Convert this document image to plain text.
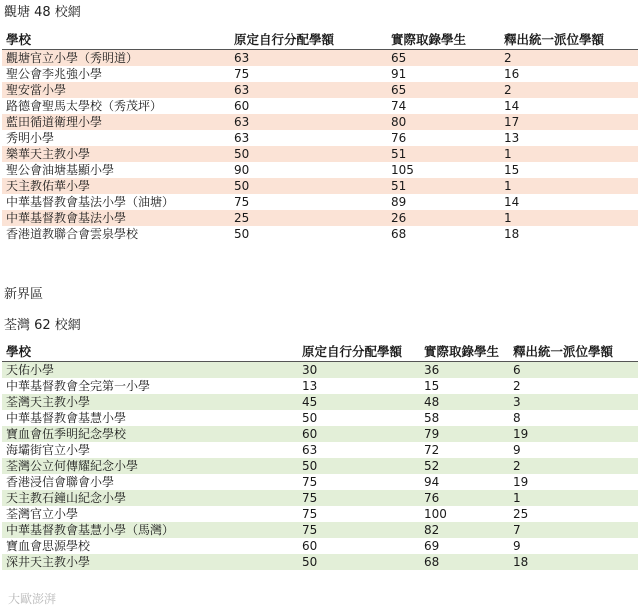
觀塘 48 校網
學校	原定自行分配學額	實際取錄學生	釋出統一派位學額
觀塘官立小學（秀明道）	63	65	2
聖公會李兆強小學	75	91	16
聖安當小學	63	65	2
路德會聖馬太學校（秀茂坪）	60	74	14
藍田循道衛理小學	63	80	17
秀明小學	63	76	13
樂華天主教小學	50	51	1
聖公會油塘基顯小學	90	105	15
天主教佑華小學	50	51	1
中華基督教會基法小學（油塘）	75	89	14
中華基督教會基法小學	25	26	1
香港道教聯合會雲泉學校	50	68	18
新界區
荃灣 62 校網
學校	原定自行分配學額	實際取錄學生	釋出統一派位學額
天佑小學	30	36	6
中華基督教會全完第一小學	13	15	2
荃灣天主教小學	45	48	3
中華基督教會基慧小學	50	58	8
寶血會伍季明紀念學校	60	79	19
海壩街官立小學	63	72	9
荃灣公立何傳耀紀念小學	50	52	2
香港浸信會聯會小學	75	94	19
天主教石鐘山紀念小學	75	76	1
荃灣官立小學	75	100	25
中華基督教會基慧小學（馬灣）	75	82	7
寶血會思源學校	60	69	9
深井天主教小學	50	68	18
大歐澎湃
